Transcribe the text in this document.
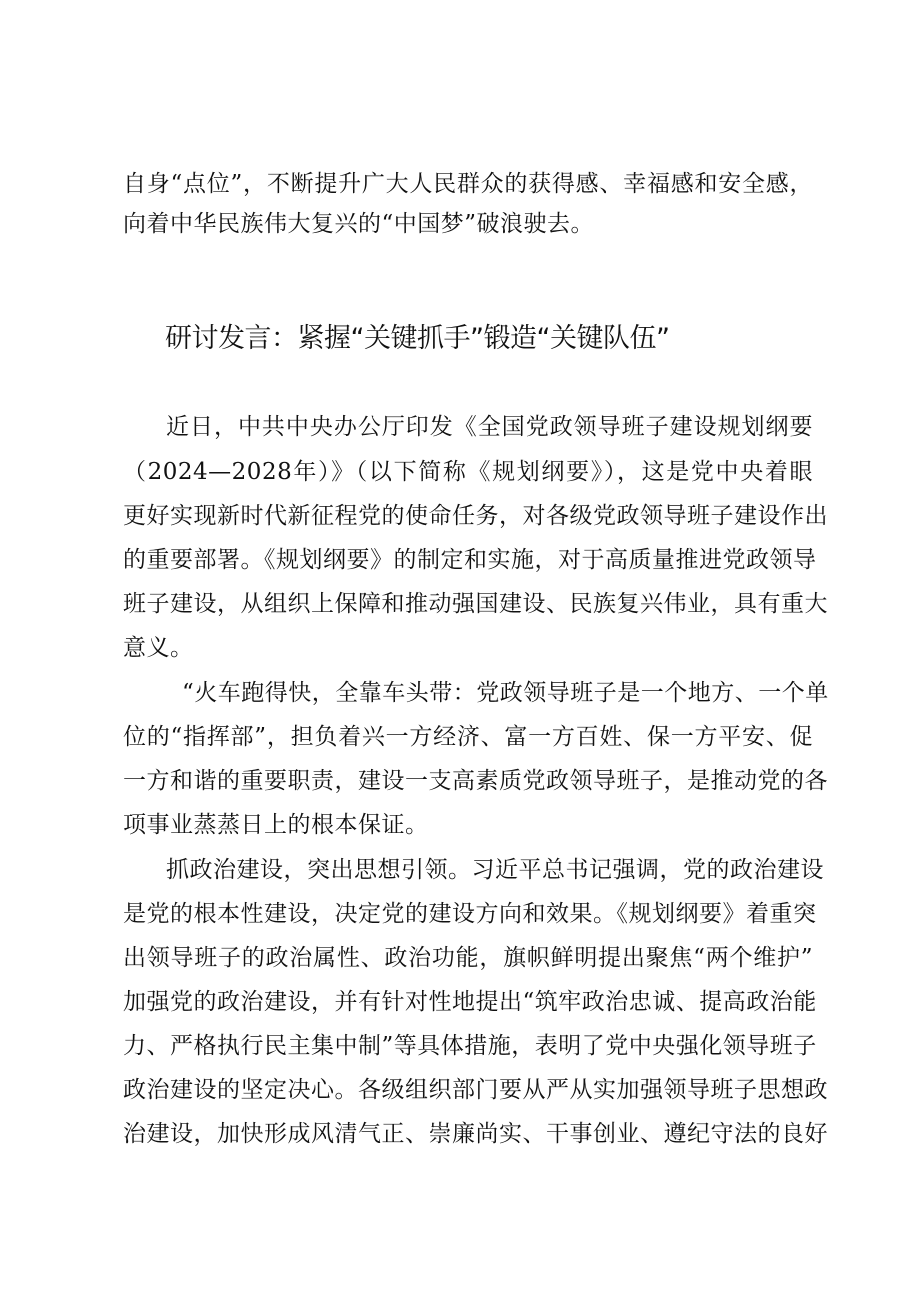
自身“点位”，不断提升广大人民群众的获得感、幸福感和安全感，
向着中华民族伟大复兴的“中国梦”破浪驶去。
研讨发言：紧握“关键抓手”锻造“关键队伍”
近日，中共中央办公厅印发《全国党政领导班子建设规划纲要
（2024—2028年）》（以下简称《规划纲要》），这是党中央着眼
更好实现新时代新征程党的使命任务，对各级党政领导班子建设作出
的重要部署。《规划纲要》的制定和实施，对于高质量推进党政领导
班子建设，从组织上保障和推动强国建设、民族复兴伟业，具有重大
意义。
“火车跑得快，全靠车头带：党政领导班子是一个地方、一个单
位的“指挥部”，担负着兴一方经济、富一方百姓、保一方平安、促
一方和谐的重要职责，建设一支高素质党政领导班子，是推动党的各
项事业蒸蒸日上的根本保证。
抓政治建设，突出思想引领。习近平总书记强调，党的政治建设
是党的根本性建设，决定党的建设方向和效果。《规划纲要》着重突
出领导班子的政治属性、政治功能，旗帜鲜明提出聚焦“两个维护”
加强党的政治建设，并有针对性地提出“筑牢政治忠诚、提高政治能
力、严格执行民主集中制”等具体措施，表明了党中央强化领导班子
政治建设的坚定决心。各级组织部门要从严从实加强领导班子思想政
治建设，加快形成风清气正、崇廉尚实、干事创业、遵纪守法的良好
